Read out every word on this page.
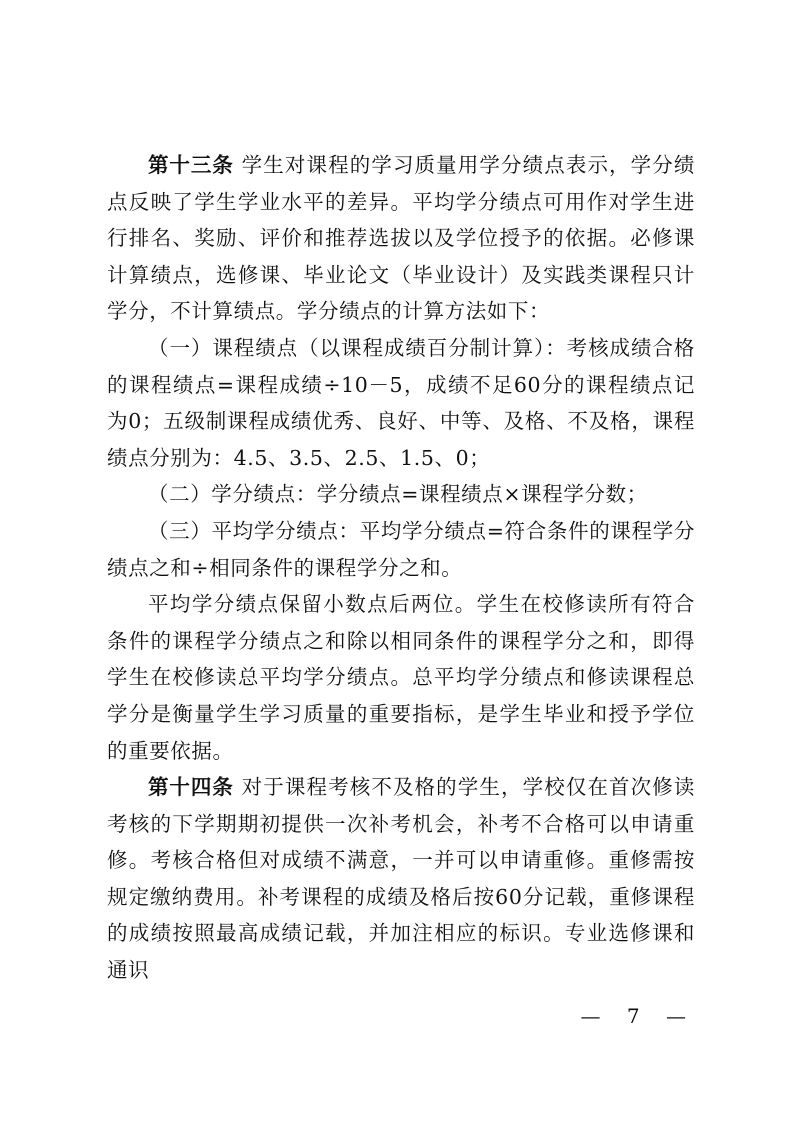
第十三条 学生对课程的学习质量用学分绩点表示，学分绩点反映了学生学业水平的差异。平均学分绩点可用作对学生进行排名、奖励、评价和推荐选拔以及学位授予的依据。必修课计算绩点，选修课、毕业论文（毕业设计）及实践类课程只计学分，不计算绩点。学分绩点的计算方法如下：

（一）课程绩点（以课程成绩百分制计算）：考核成绩合格的课程绩点=课程成绩÷10－5，成绩不足60分的课程绩点记为0；五级制课程成绩优秀、良好、中等、及格、不及格，课程绩点分别为：4.5、3.5、2.5、1.5、0；

（二）学分绩点：学分绩点=课程绩点×课程学分数；

（三）平均学分绩点：平均学分绩点=符合条件的课程学分绩点之和÷相同条件的课程学分之和。

平均学分绩点保留小数点后两位。学生在校修读所有符合条件的课程学分绩点之和除以相同条件的课程学分之和，即得学生在校修读总平均学分绩点。总平均学分绩点和修读课程总学分是衡量学生学习质量的重要指标，是学生毕业和授予学位的重要依据。

第十四条 对于课程考核不及格的学生，学校仅在首次修读考核的下学期期初提供一次补考机会，补考不合格可以申请重修。考核合格但对成绩不满意，一并可以申请重修。重修需按规定缴纳费用。补考课程的成绩及格后按60分记载，重修课程的成绩按照最高成绩记载，并加注相应的标识。专业选修课和通识

— 7 —
